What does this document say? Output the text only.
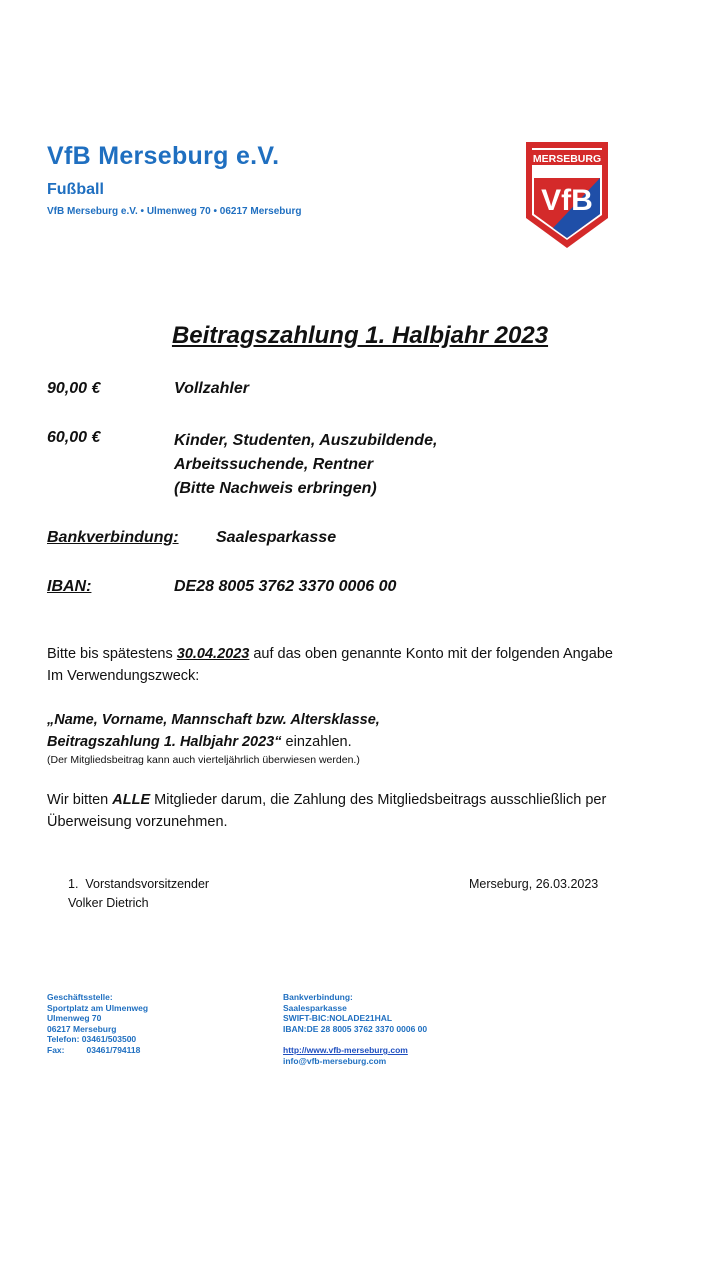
VfB Merseburg e.V.
Fußball
VfB Merseburg e.V. • Ulmenweg 70 • 06217 Merseburg
MERSEBURG
VfB
Beitragszahlung 1. Halbjahr 2023
90,00 €	Vollzahler
60,00 €	Kinder, Studenten, Auszubildende,
Arbeitssuchende, Rentner
(Bitte Nachweis erbringen)
Bankverbindung: Saalesparkasse
IBAN:	DE28 8005 3762 3370 0006 00
Bitte bis spätestens 30.04.2023 auf das oben genannte Konto mit der folgenden Angabe
Im Verwendungszweck:
„Name, Vorname, Mannschaft bzw. Altersklasse,
Beitragszahlung 1. Halbjahr 2023“ einzahlen.
(Der Mitgliedsbeitrag kann auch vierteljährlich überwiesen werden.)
Wir bitten ALLE Mitglieder darum, die Zahlung des Mitgliedsbeitrags ausschließlich per
Überweisung vorzunehmen.
1. Vorstandsvorsitzender
Volker Dietrich
Merseburg, 26.03.2023
Geschäftsstelle:
Sportplatz am Ulmenweg
Ulmenweg 70
06217 Merseburg
Telefon: 03461/503500
Fax:	03461/794118
Bankverbindung:
Saalesparkasse
SWIFT-BIC:NOLADE21HAL
IBAN:DE 28 8005 3762 3370 0006 00
http://www.vfb-merseburg.com
info@vfb-merseburg.com
